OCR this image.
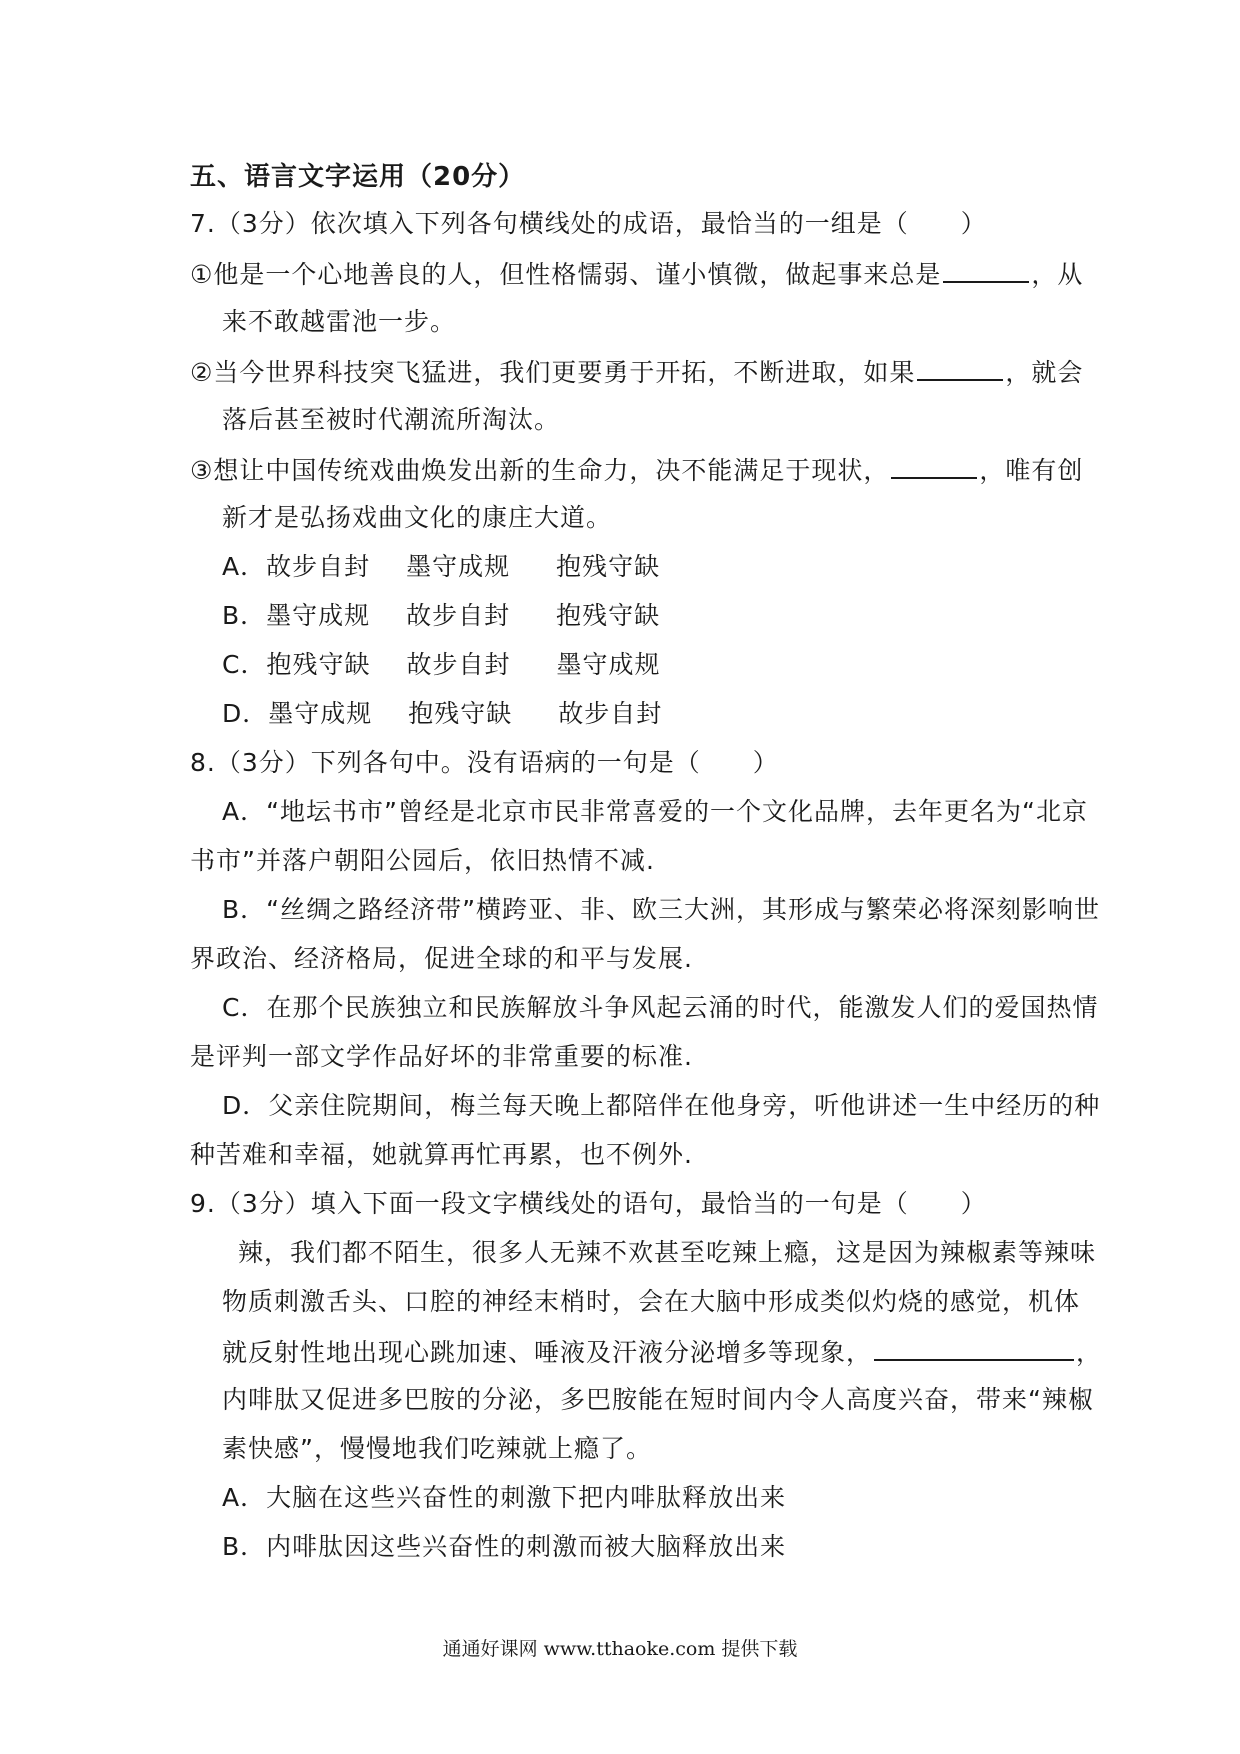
五、语言文字运用（20分）
7.（3分）依次填入下列各句横线处的成语，最恰当的一组是（　　）
①他是一个心地善良的人，但性格懦弱、谨小慎微，做起事来总是	，从
来不敢越雷池一步。
②当今世界科技突飞猛进，我们更要勇于开拓，不断进取，如果	，就会
落后甚至被时代潮流所淘汰。
③想让中国传统戏曲焕发出新的生命力，决不能满足于现状，	，唯有创
新才是弘扬戏曲文化的康庄大道。
A．故步自封 墨守成规 抱残守缺
B．墨守成规 故步自封 抱残守缺
C．抱残守缺 故步自封 墨守成规
D．墨守成规 抱残守缺 故步自封
8.（3分）下列各句中。没有语病的一句是（　　）
A．“地坛书市”曾经是北京市民非常喜爱的一个文化品牌，去年更名为“北京
书市”并落户朝阳公园后，依旧热情不减.
B．“丝绸之路经济带”横跨亚、非、欧三大洲，其形成与繁荣必将深刻影响世
界政治、经济格局，促进全球的和平与发展.
C．在那个民族独立和民族解放斗争风起云涌的时代，能激发人们的爱国热情
是评判一部文学作品好坏的非常重要的标准.
D．父亲住院期间，梅兰每天晚上都陪伴在他身旁，听他讲述一生中经历的种
种苦难和幸福，她就算再忙再累，也不例外.
9.（3分）填入下面一段文字横线处的语句，最恰当的一句是（　　）
辣，我们都不陌生，很多人无辣不欢甚至吃辣上瘾，这是因为辣椒素等辣味
物质刺激舌头、口腔的神经末梢时，会在大脑中形成类似灼烧的感觉，机体
就反射性地出现心跳加速、唾液及汗液分泌增多等现象，	，
内啡肽又促进多巴胺的分泌，多巴胺能在短时间内令人高度兴奋，带来“辣椒
素快感”，慢慢地我们吃辣就上瘾了。
A．大脑在这些兴奋性的刺激下把内啡肽释放出来
B．内啡肽因这些兴奋性的刺激而被大脑释放出来
通通好课网 www.tthaoke.com 提供下载
